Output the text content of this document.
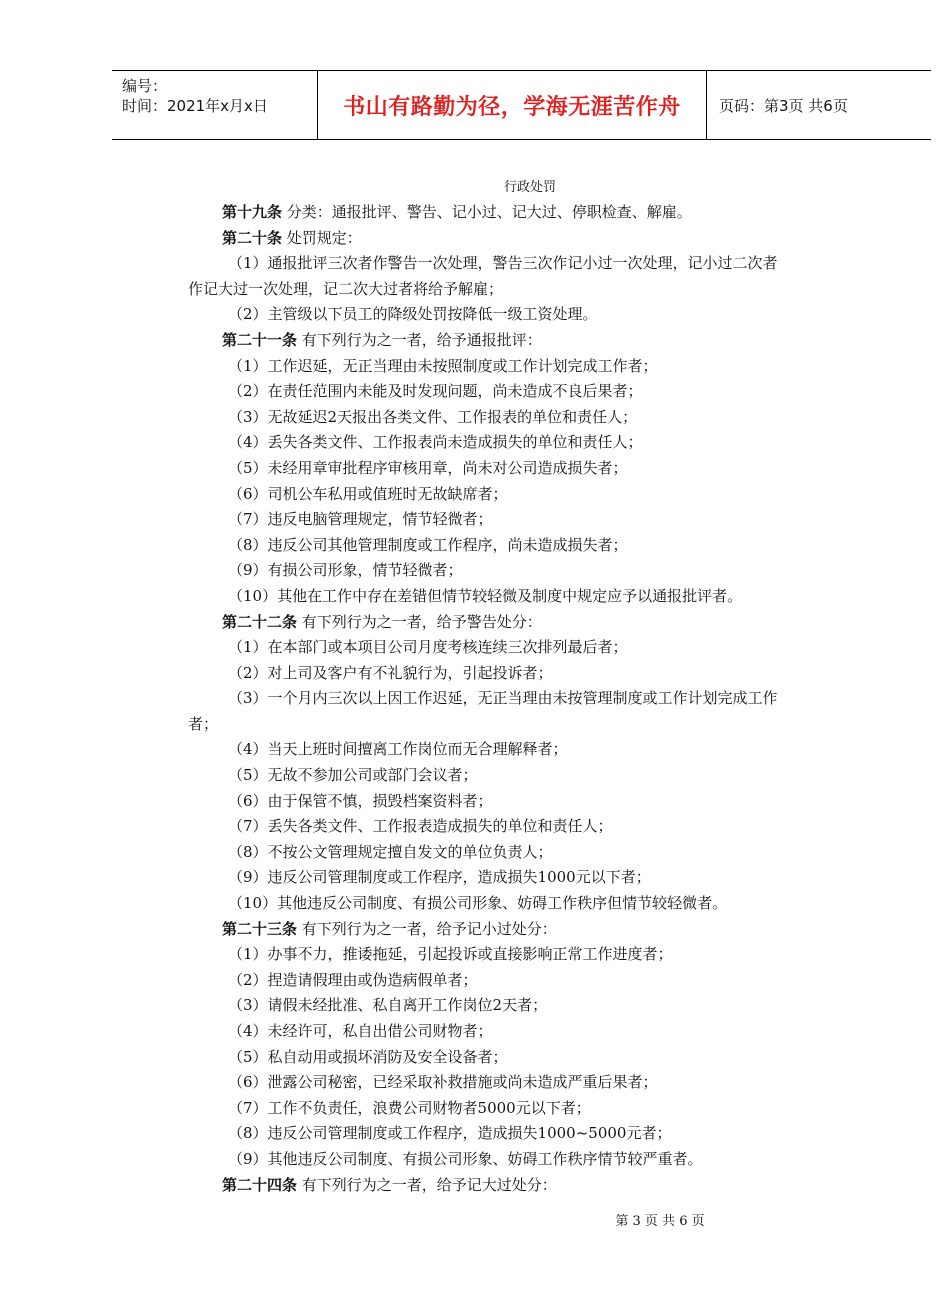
编号：
时间：2021年x月x日	书山有路勤为径，学海无涯苦作舟	页码：第3页 共6页
行政处罚
第十九条 分类：通报批评、警告、记小过、记大过、停职检查、解雇。
第二十条 处罚规定：
（1）通报批评三次者作警告一次处理，警告三次作记小过一次处理，记小过二次者
作记大过一次处理，记二次大过者将给予解雇；
（2）主管级以下员工的降级处罚按降低一级工资处理。
第二十一条 有下列行为之一者，给予通报批评：
（1）工作迟延，无正当理由未按照制度或工作计划完成工作者；
（2）在责任范围内未能及时发现问题，尚未造成不良后果者；
（3）无故延迟2天报出各类文件、工作报表的单位和责任人；
（4）丢失各类文件、工作报表尚未造成损失的单位和责任人；
（5）未经用章审批程序审核用章，尚未对公司造成损失者；
（6）司机公车私用或值班时无故缺席者；
（7）违反电脑管理规定，情节轻微者；
（8）违反公司其他管理制度或工作程序，尚未造成损失者；
（9）有损公司形象，情节轻微者；
（10）其他在工作中存在差错但情节较轻微及制度中规定应予以通报批评者。
第二十二条 有下列行为之一者，给予警告处分：
（1）在本部门或本项目公司月度考核连续三次排列最后者；
（2）对上司及客户有不礼貌行为，引起投诉者；
（3）一个月内三次以上因工作迟延，无正当理由未按管理制度或工作计划完成工作
者；
（4）当天上班时间擅离工作岗位而无合理解释者；
（5）无故不参加公司或部门会议者；
（6）由于保管不慎，损毁档案资料者；
（7）丢失各类文件、工作报表造成损失的单位和责任人；
（8）不按公文管理规定擅自发文的单位负责人；
（9）违反公司管理制度或工作程序，造成损失1000元以下者；
（10）其他违反公司制度、有损公司形象、妨碍工作秩序但情节较轻微者。
第二十三条 有下列行为之一者，给予记小过处分：
（1）办事不力，推诿拖延，引起投诉或直接影响正常工作进度者；
（2）捏造请假理由或伪造病假单者；
（3）请假未经批准、私自离开工作岗位2天者；
（4）未经许可，私自出借公司财物者；
（5）私自动用或损坏消防及安全设备者；
（6）泄露公司秘密，已经采取补救措施或尚未造成严重后果者；
（7）工作不负责任，浪费公司财物者5000元以下者；
（8）违反公司管理制度或工作程序，造成损失1000~5000元者；
（9）其他违反公司制度、有损公司形象、妨碍工作秩序情节较严重者。
第二十四条 有下列行为之一者，给予记大过处分：
第 3 页 共 6 页
